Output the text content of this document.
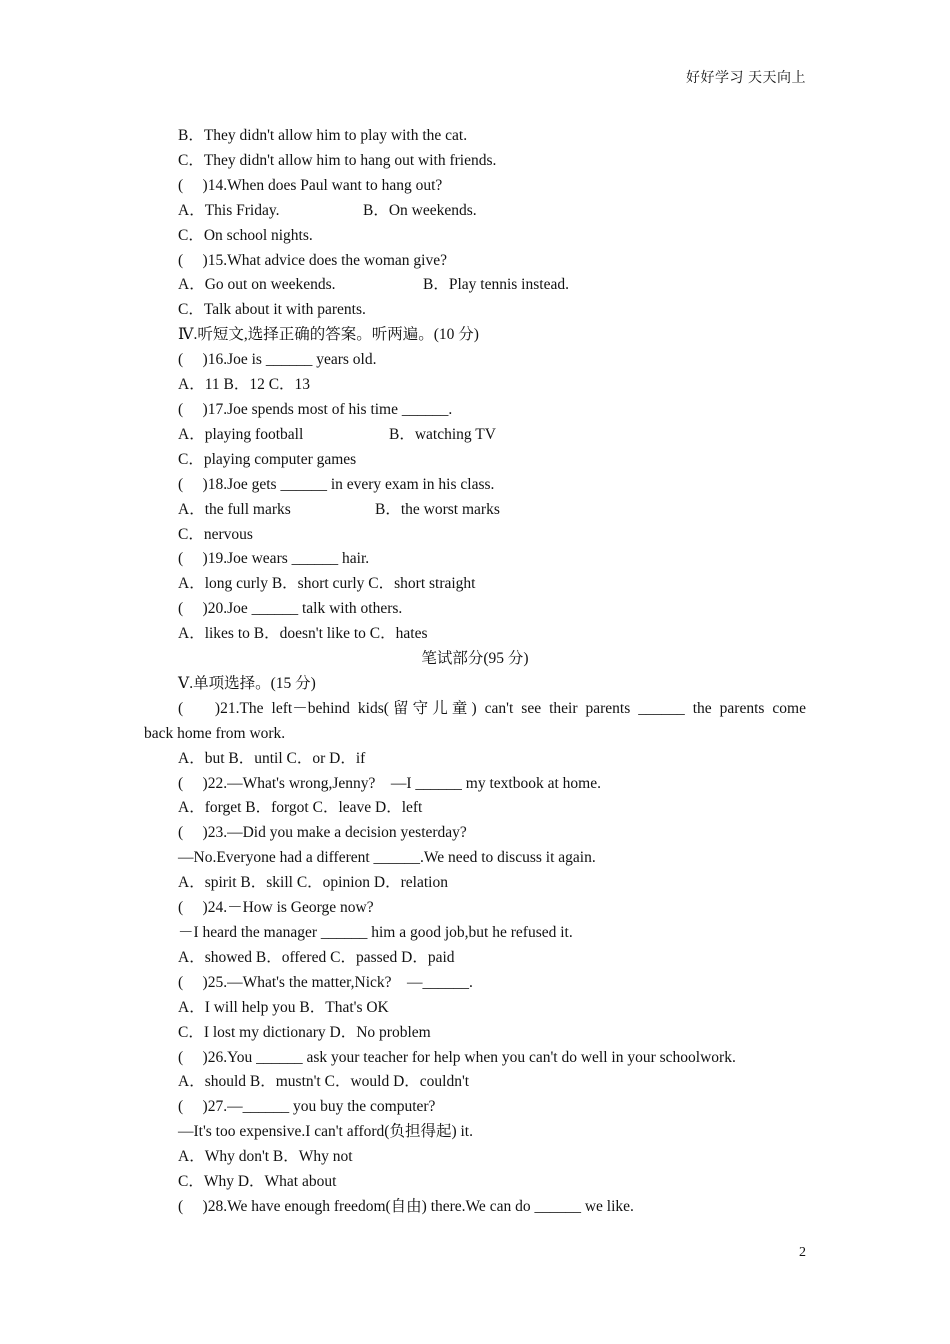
好好学习 天天向上
B．They didn't allow him to play with the cat.
C．They didn't allow him to hang out with friends.
(　 )14.When does Paul want to hang out?
A．This Friday.	B．On weekends.
C．On school nights.
(　 )15.What advice does the woman give?
A．Go out on weekends.	B．Play tennis instead.
C．Talk about it with parents.
Ⅳ.听短文,选择正确的答案。听两遍。(10 分)
(　 )16.Joe is ______ years old.
A．11 B．12 C．13
(　 )17.Joe spends most of his time ______.
A．playing football	B．watching TV
C．playing computer games
(　 )18.Joe gets ______ in every exam in his class.
A．the full marks	B．the worst marks
C．nervous
(　 )19.Joe wears ______ hair.
A．long curly B．short curly C．short straight
(　 )20.Joe ______ talk with others.
A．likes to B．doesn't like to C．hates
笔试部分(95 分)
Ⅴ.单项选择。(15 分)
(　 )21.The left－behind kids(留守儿童) can't see their parents ______ the parents come
back home from work.
A．but B．until C．or D．if
(　 )22.—What's wrong,Jenny?　—I ______ my textbook at home.
A．forget B．forgot C．leave D．left
(　 )23.—Did you make a decision yesterday?
—No.Everyone had a different ______.We need to discuss it again.
A．spirit B．skill C．opinion D．relation
(　 )24.－How is George now?
－I heard the manager ______ him a good job,but he refused it.
A．showed B．offered C．passed D．paid
(　 )25.—What's the matter,Nick?　—______.
A．I will help you B．That's OK
C．I lost my dictionary D．No problem
(　 )26.You ______ ask your teacher for help when you can't do well in your schoolwork.
A．should B．mustn't C．would D．couldn't
(　 )27.—______ you buy the computer?
—It's too expensive.I can't afford(负担得起) it.
A．Why don't B．Why not
C．Why D．What about
(　 )28.We have enough freedom(自由) there.We can do ______ we like.
2
